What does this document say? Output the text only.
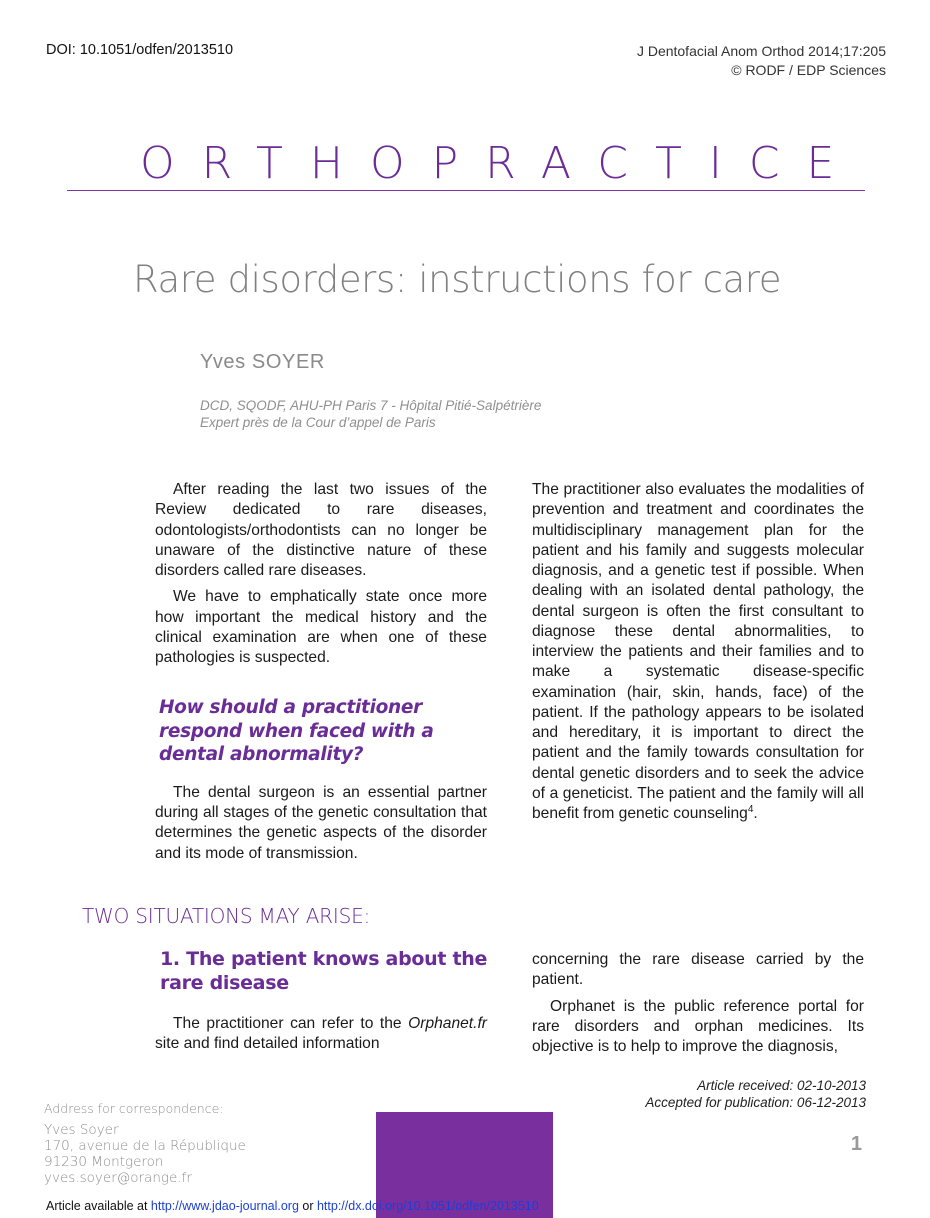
DOI: 10.1051/odfen/2013510	J Dentofacial Anom Orthod 2014;17:205
© RODF / EDP Sciences
ORTHOPRACTICE
Rare disorders: instructions for care
Yves SOYER
DCD, SQODF, AHU-PH Paris 7 - Hôpital Pitié-Salpétrière
Expert près de la Cour d’appel de Paris

After reading the last two issues of the Review dedicated to rare diseases, odontologists/orthodontists can no longer be unaware of the distinctive nature of these disorders called rare diseases.

We have to emphatically state once more how important the medical history and the clinical examination are when one of these pathologies is suspected.

How should a practitioner respond when faced with a dental abnormality?

The dental surgeon is an essential partner during all stages of the genetic consultation that determines the genetic aspects of the disorder and its mode of transmission.

The practitioner also evaluates the modalities of prevention and treatment and coordinates the multidisciplinary management plan for the patient and his family and suggests molecular diagnosis, and a genetic test if possible. When dealing with an isolated dental pathology, the dental surgeon is often the first consultant to diagnose these dental abnormalities, to interview the patients and their families and to make a systematic disease-specific examination (hair, skin, hands, face) of the patient. If the pathology appears to be isolated and hereditary, it is important to direct the patient and the family towards consultation for dental genetic disorders and to seek the advice of a geneticist. The patient and the family will all benefit from genetic counseling$^4$.

TWO SITUATIONS MAY ARISE:
1. The patient knows about the rare disease

The practitioner can refer to the Orphanet.fr site and find detailed information

concerning the rare disease carried by the patient.

Orphanet is the public reference portal for rare disorders and orphan medicines. Its objective is to help to improve the diagnosis,

Article received: 02-10-2013
Accepted for publication: 06-12-2013
1
Address for correspondence:
Yves Soyer
170, avenue de la République
91230 Montgeron
yves.soyer@orange.fr
Article available at http://www.jdao-journal.org or http://dx.doi.org/10.1051/odfen/2013510
